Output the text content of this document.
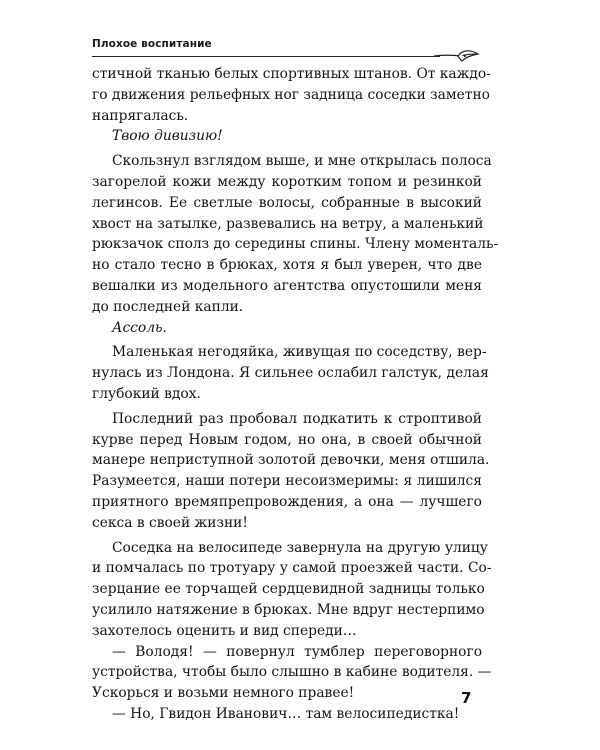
Плохое воспитание
стичной тканью белых спортивных штанов. От каждо-
го движения рельефных ног задница соседки заметно
напрягалась.
Твою дивизию!
Скользнул взглядом выше, и мне открылась полоса
загорелой кожи между коротким топом и резинкой
легинсов. Ее светлые волосы, собранные в высокий
хвост на затылке, развевались на ветру, а маленький
рюкзачок сполз до середины спины. Члену моменталь-
но стало тесно в брюках, хотя я был уверен, что две
вешалки из модельного агентства опустошили меня
до последней капли.
Ассоль.
Маленькая негодяйка, живущая по соседству, вер-
нулась из Лондона. Я сильнее ослабил галстук, делая
глубокий вдох.
Последний раз пробовал подкатить к строптивой
курве перед Новым годом, но она, в своей обычной
манере неприступной золотой девочки, меня отшила.
Разумеется, наши потери несоизмеримы: я лишился
приятного времяпрепровождения, а она — лучшего
секса в своей жизни!
Соседка на велосипеде завернула на другую улицу
и помчалась по тротуару у самой проезжей части. Со-
зерцание ее торчащей сердцевидной задницы только
усилило натяжение в брюках. Мне вдруг нестерпимо
захотелось оценить и вид спереди…
— Володя! — повернул тумблер переговорного
устройства, чтобы было слышно в кабине водителя. —
Ускорься и возьми немного правее!
— Но, Гвидон Иванович… там велосипедистка!
7
